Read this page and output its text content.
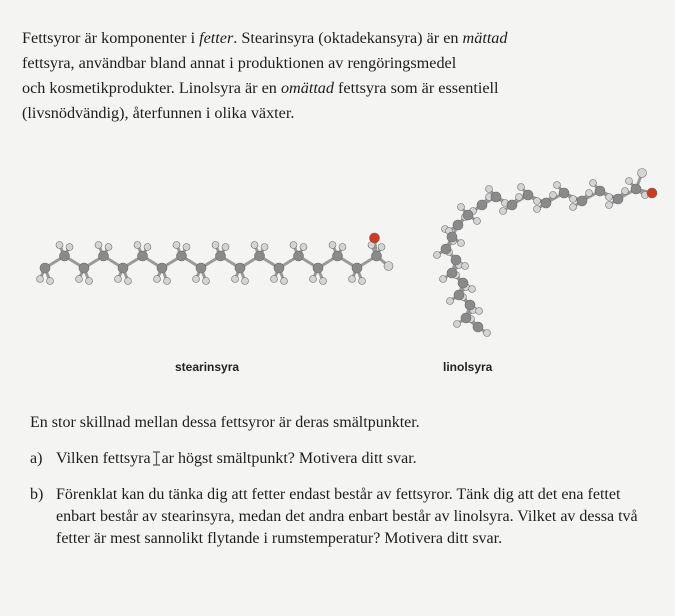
Fettsyror är komponenter i fetter. Stearinsyra (oktadekansyra) är en mättad

fettsyra, användbar bland annat i produktionen av rengöringsmedel

och kosmetikprodukter. Linolsyra är en omättad fettsyra som är essentiell

(livsnödvändig), återfunnen i olika växter.

stearinsyra	linolsyra

En stor skillnad mellan dessa fettsyror är deras smältpunkter.

a) Vilken fettsyra ar högst smältpunkt? Motivera ditt svar.
b) Förenklat kan du tänka dig att fetter endast består av fettsyror. Tänk dig att det ena fettet enbart består av stearinsyra, medan det andra enbart består av linolsyra. Vilket av dessa två fetter är mest sannolikt flytande i rumstemperatur? Motivera ditt svar.
